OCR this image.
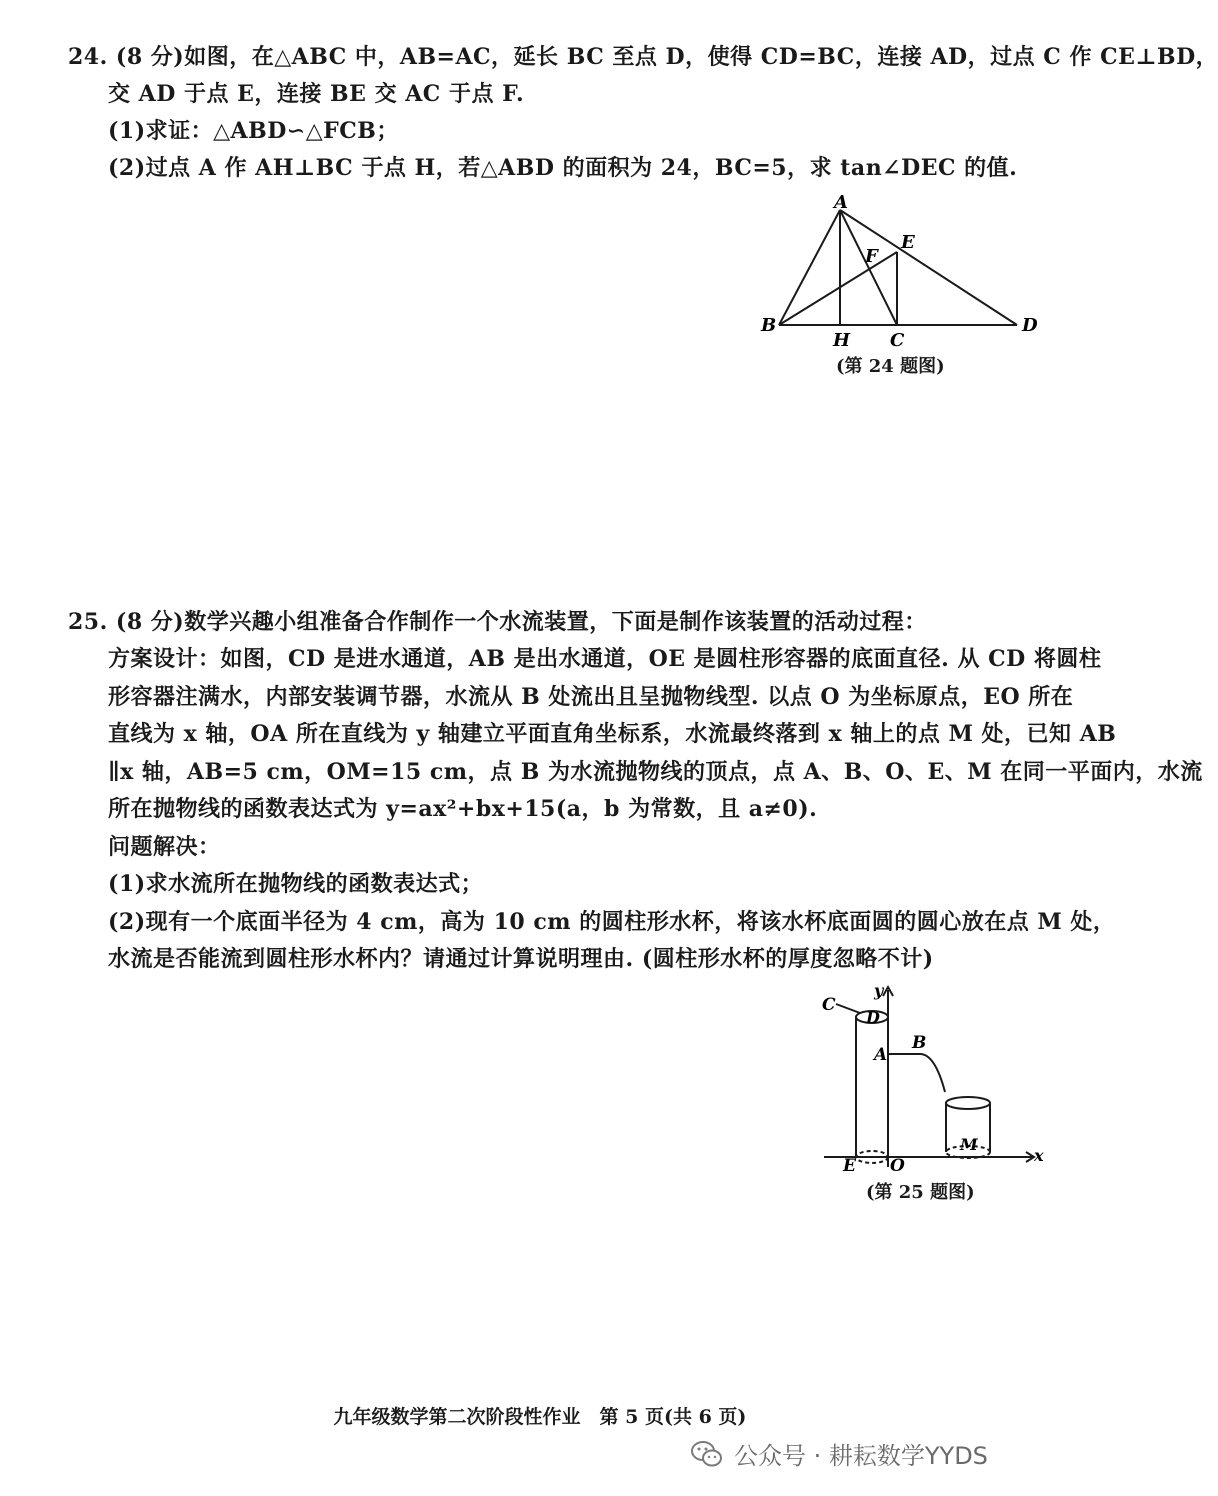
24. (8 分)如图，在△ABC 中，AB=AC，延长 BC 至点 D，使得 CD=BC，连接 AD，过点 C 作 CE⊥BD，
交 AD 于点 E，连接 BE 交 AC 于点 F.
(1)求证：△ABD∽△FCB；
(2)过点 A 作 AH⊥BC 于点 H，若△ABD 的面积为 24，BC=5，求 tan∠DEC 的值.
A
B
C
D
E
F
H
(第 24 题图)
25. (8 分)数学兴趣小组准备合作制作一个水流装置，下面是制作该装置的活动过程：
方案设计：如图，CD 是进水通道，AB 是出水通道，OE 是圆柱形容器的底面直径. 从 CD 将圆柱
形容器注满水，内部安装调节器，水流从 B 处流出且呈抛物线型. 以点 O 为坐标原点，EO 所在
直线为 x 轴，OA 所在直线为 y 轴建立平面直角坐标系，水流最终落到 x 轴上的点 M 处，已知 AB
∥x 轴，AB=5 cm，OM=15 cm，点 B 为水流抛物线的顶点，点 A、B、O、E、M 在同一平面内，水流
所在抛物线的函数表达式为 y=ax²+bx+15(a，b 为常数，且 a≠0).
问题解决：
(1)求水流所在抛物线的函数表达式；
(2)现有一个底面半径为 4 cm，高为 10 cm 的圆柱形水杯，将该水杯底面圆的圆心放在点 M 处，
水流是否能流到圆柱形水杯内？请通过计算说明理由. (圆柱形水杯的厚度忽略不计)
C
D
A
B
E O
M
x
y
(第 25 题图)
九年级数学第二次阶段性作业　第 5 页(共 6 页)
公众号 · 耕耘数学YYDS
